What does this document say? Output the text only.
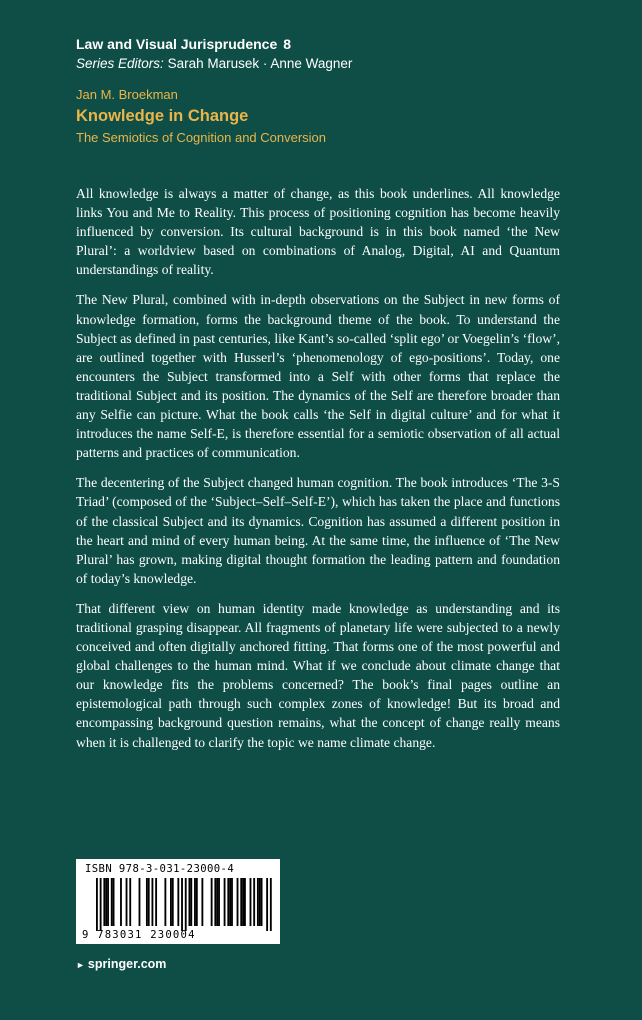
Law and Visual Jurisprudence 8
Series Editors: Sarah Marusek · Anne Wagner
Jan M. Broekman
Knowledge in Change
The Semiotics of Cognition and Conversion

All knowledge is always a matter of change, as this book underlines. All knowledge links You and Me to Reality. This process of positioning cognition has become heavily influenced by conversion. Its cultural background is in this book named ‘the New Plural’: a worldview based on combinations of Analog, Digital, AI and Quantum understandings of reality.

The New Plural, combined with in-depth observations on the Subject in new forms of knowledge formation, forms the background theme of the book. To understand the Subject as defined in past centuries, like Kant’s so-called ‘split ego’ or Voegelin’s ‘flow’, are outlined together with Husserl’s ‘phenomenology of ego-positions’. Today, one encounters the Subject transformed into a Self with other forms that replace the traditional Subject and its position. The dynamics of the Self are therefore broader than any Selfie can picture. What the book calls ‘the Self in digital culture’ and for what it introduces the name Self-E, is therefore essential for a semiotic observation of all actual patterns and practices of communication.

The decentering of the Subject changed human cognition. The book introduces ‘The 3-S Triad’ (composed of the ‘Subject–Self–Self-E’), which has taken the place and functions of the classical Subject and its dynamics. Cognition has assumed a different position in the heart and mind of every human being. At the same time, the influence of ‘The New Plural’ has grown, making digital thought formation the leading pattern and foundation of today’s knowledge.

That different view on human identity made knowledge as understanding and its traditional grasping disappear. All fragments of planetary life were subjected to a newly conceived and often digitally anchored fitting. That forms one of the most powerful and global challenges to the human mind. What if we conclude about climate change that our knowledge fits the problems concerned? The book’s final pages outline an epistemological path through such complex zones of knowledge! But its broad and encompassing background question remains, what the concept of change really means when it is challenged to clarify the topic we name climate change.

ISBN 978-3-031-23000-4
9 783031 230004
► springer.com
